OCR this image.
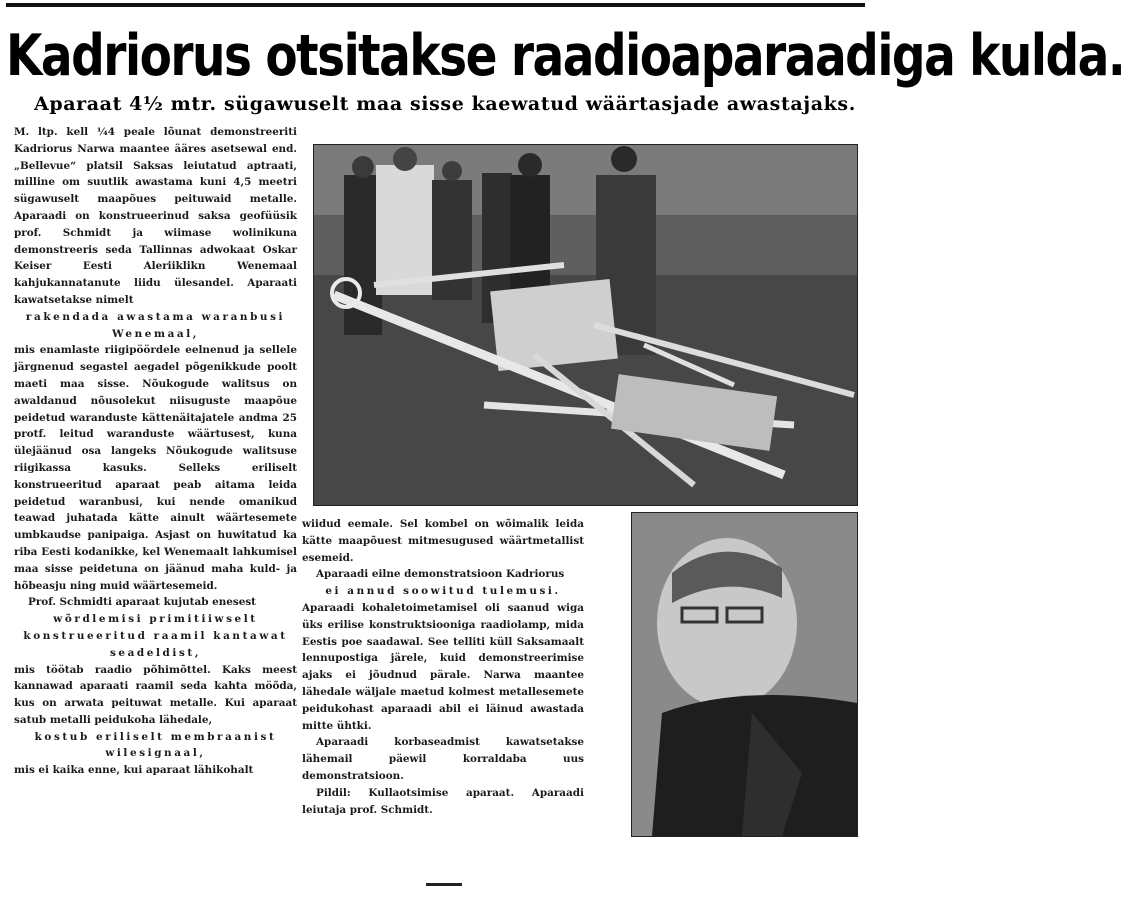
Kadriorus otsitakse raadioaparaadiga kulda.
Aparaat 4½ mtr. sügawuselt maa sisse kaewatud wäärtasjade awastajaks.

M. ltp. kell ¼4 peale lõunat demonstreeriti Kadriorus Narwa maantee ääres asetsewal end. „Bellevue“ platsil Saksas leiutatud aptraati, milline om suutlik awastama kuni 4,5 meetri sügawuselt maapõues peituwaid metalle. Aparaadi on konstrueerinud saksa geofüüsik prof. Schmidt ja wiimase wolinikuna demonstreeris seda Tallinnas adwokaat Oskar Keiser Eesti Aleriiklikn Wenemaal kahjukannatanute liidu ülesandel. Aparaati kawatsetakse nimelt

rakendada awastama waranbusi Wenemaal,

mis enamlaste riigipöördele eelnenud ja sellele järgnenud segastel aegadel põgenikkude poolt maeti maa sisse. Nõukogude walitsus on awaldanud nõusolekut niisuguste maapõue peidetud waranduste kättenäitajatele andma 25 protf. leitud waranduste wäärtusest, kuna ülejäänud osa langeks Nõukogude walitsuse riigikassa kasuks. Selleks eriliselt konstrueeritud aparaat peab aitama leida peidetud waranbusi, kui nende omanikud teawad juhatada kätte ainult wäärtesemete umbkaudse panipaiga. Asjast on huwitatud ka riba Eesti kodanikke, kel Wenemaalt lahkumisel maa sisse peidetuna on jäänud maha kuld- ja hõbeasju ning muid wäärtesemeid.

Prof. Schmidti aparaat kujutab enesest

wõrdlemisi primitiiwselt konstrueeritud raamil kantawat seadeldist,

mis töötab raadio põhimõttel. Kaks meest kannawad aparaati raamil seda kahta möõda, kus on arwata peituwat metalle. Kui aparaat satub metalli peidukoha lähedale,

kostub eriliselt membraanist wilesignaal,

mis ei kaika enne, kui aparaat lähikohalt

wiidud eemale. Sel kombel on wõimalik leida kätte maapõuest mitmesugused wäärtmetallist esemeid.

Aparaadi eilne demonstratsioon Kadriorus

ei annud soowitud tulemusi.

Aparaadi kohaletoimetamisel oli saanud wiga üks erilise konstruktsiooniga raadiolamp, mida Eestis poe saadawal. See telliti küll Saksamaalt lennupostiga järele, kuid demonstreerimise ajaks ei jõudnud pärale. Narwa maantee lähedale wäljale maetud kolmest metallesemete peidukohast aparaadi abil ei läinud awastada mitte ühtki.

Aparaadi korbaseadmist kawatsetakse lähemail päewil korraldaba uus demonstratsioon.

Pildil: Kullaotsimise aparaat. Aparaadi leiutaja prof. Schmidt.
